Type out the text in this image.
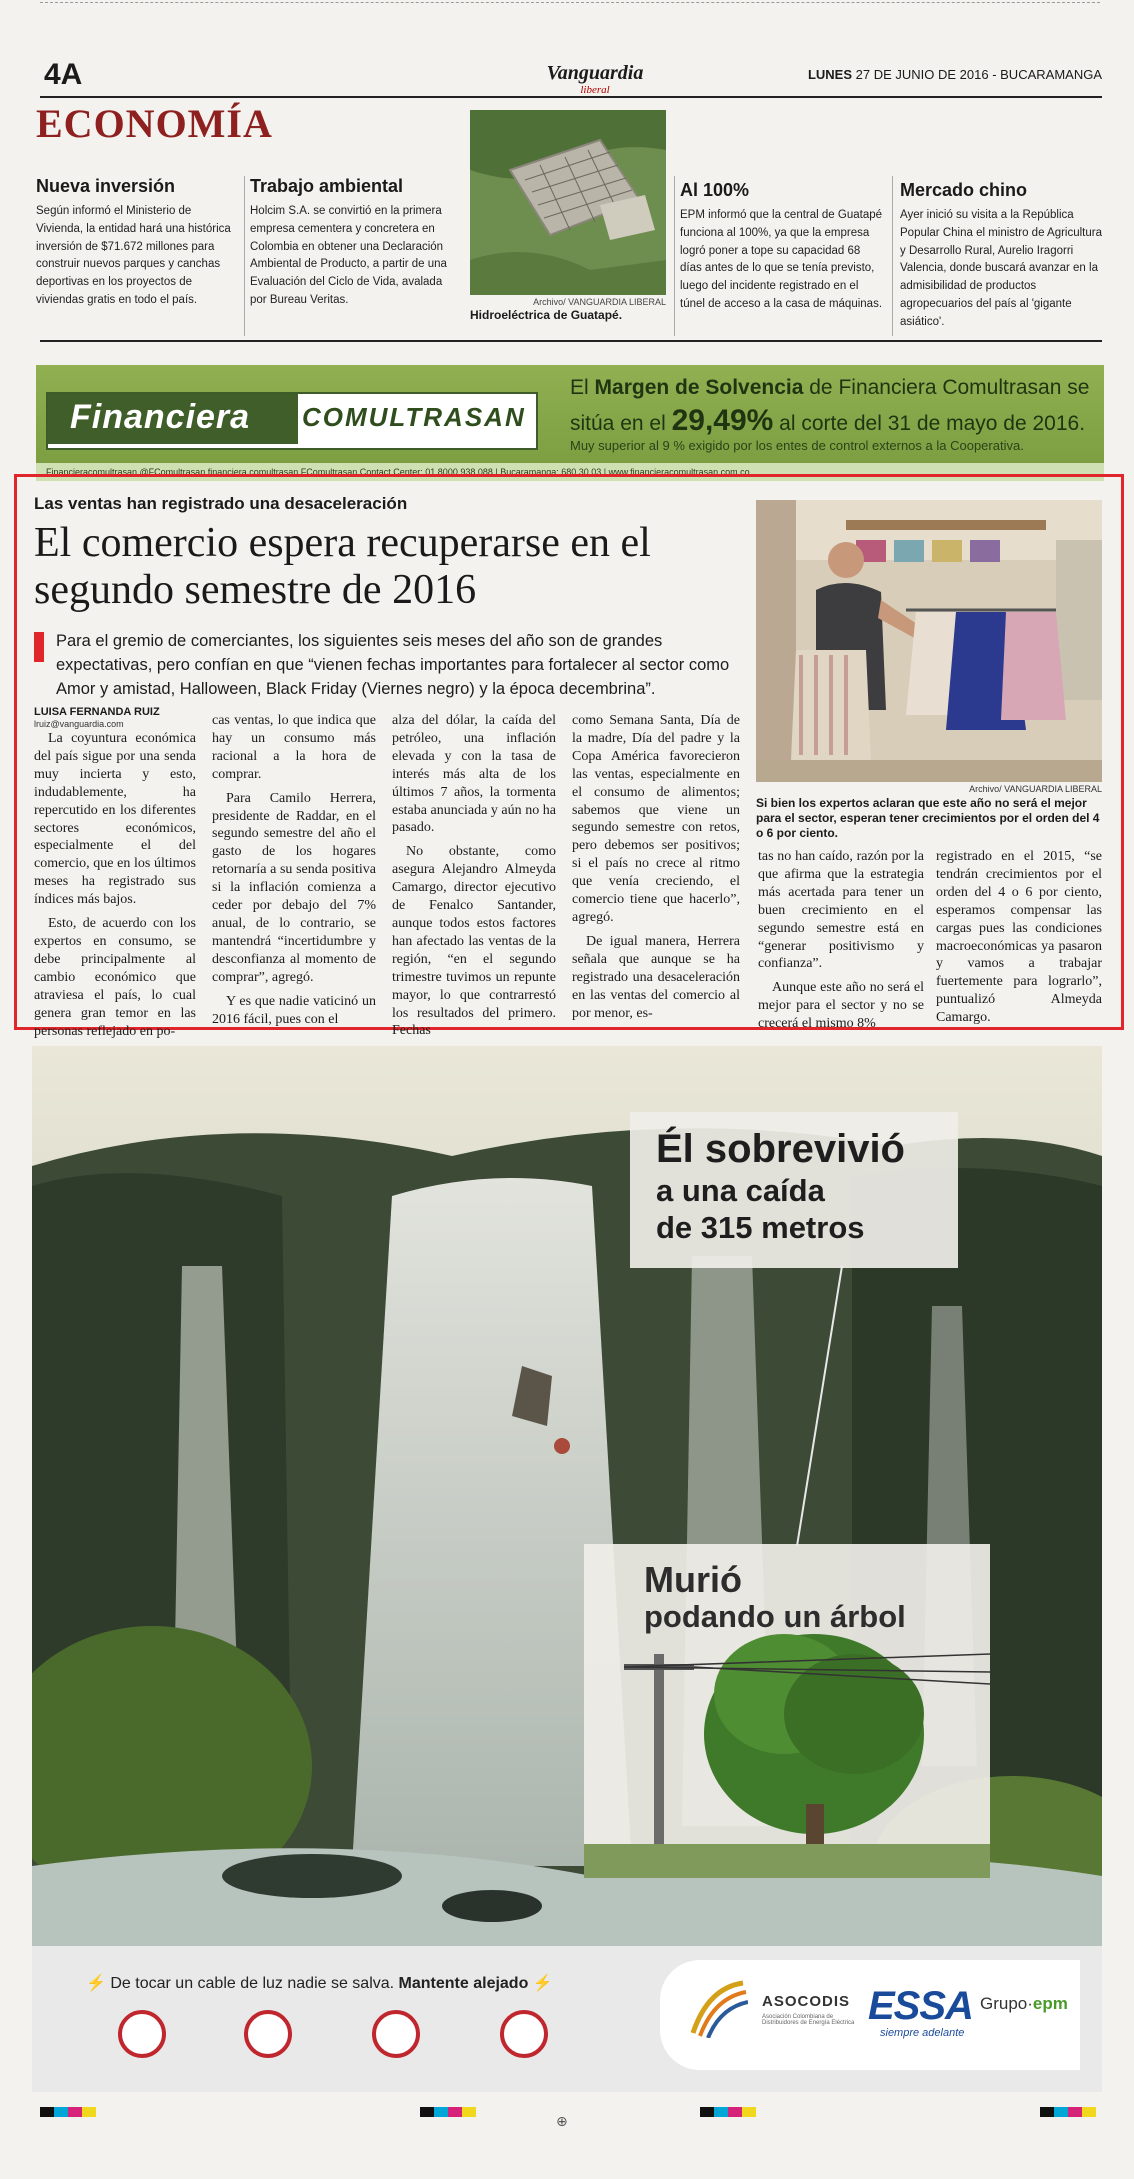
4A	Vanguardia
liberal
LUNES 27 DE JUNIO DE 2016 - BUCARAMANGA
ECONOMÍA
Nueva inversión

Según informó el Ministerio de Vivienda, la entidad hará una histórica inversión de $71.672 millones para construir nuevos parques y canchas deportivas en los proyectos de viviendas gratis en todo el país.

Trabajo ambiental

Holcim S.A. se convirtió en la primera empresa cementera y concretera en Colombia en obtener una Declaración Ambiental de Producto, a partir de una Evaluación del Ciclo de Vida, avalada por Bureau Veritas.	Archivo/ VANGUARDIA LIBERAL
Hidroeléctrica de Guatapé.
Al 100%

EPM informó que la central de Guatapé funciona al 100%, ya que la empresa logró poner a tope su capacidad 68 días antes de lo que se tenía previsto, luego del incidente registrado en el túnel de acceso a la casa de máquinas.

Mercado chino

Ayer inició su visita a la República Popular China el ministro de Agricultura y Desarrollo Rural, Aurelio Iragorri Valencia, donde buscará avanzar en la admisibilidad de productos agropecuarios del país al 'gigante asiático'.

Financiera COMULTRASAN
El Margen de Solvencia de Financiera Comultrasan se sitúa en el 29,49% al corte del 31 de mayo de 2016.
Muy superior al 9 % exigido por los entes de control externos a la Cooperativa.
Financieracomultrasan @FComultrasan financiera.comultrasan FComultrasan Contact Center: 01 8000 938 088 | Bucaramanga: 680 30 03 | www.financieracomultrasan.com.co
Las ventas han registrado una desaceleración
El comercio espera recuperarse en el segundo semestre de 2016
Para el gremio de comerciantes, los siguientes seis meses del año son de grandes expectativas, pero confían en que “vienen fechas importantes para fortalecer al sector como Amor y amistad, Halloween, Black Friday (Viernes negro) y la época decembrina”.
LUISA FERNANDA RUIZ
lruiz@vanguardia.com

La coyuntura económica del país sigue por una senda muy incierta y esto, indudablemente, ha repercutido en los diferentes sectores económicos, especialmente el del comercio, que en los últimos meses ha registrado sus índices más bajos.

Esto, de acuerdo con los expertos en consumo, se debe principalmente al cambio económico que atraviesa el país, lo cual genera gran temor en las personas reflejado en po-

cas ventas, lo que indica que hay un consumo más racional a la hora de comprar.

Para Camilo Herrera, presidente de Raddar, en el segundo semestre del año el gasto de los hogares retornaría a su senda positiva si la inflación comienza a ceder por debajo del 7% anual, de lo contrario, se mantendrá “incertidumbre y desconfianza al momento de comprar”, agregó.

Y es que nadie vaticinó un 2016 fácil, pues con el

alza del dólar, la caída del petróleo, una inflación elevada y con la tasa de interés más alta de los últimos 7 años, la tormenta estaba anunciada y aún no ha pasado.

No obstante, como asegura Alejandro Almeyda Camargo, director ejecutivo de Fenalco Santander, aunque todos estos factores han afectado las ventas de la región, “en el segundo trimestre tuvimos un repunte mayor, lo que contrarrestó los resultados del primero. Fechas

como Semana Santa, Día de la madre, Día del padre y la Copa América favorecieron las ventas, especialmente en el consumo de alimentos; sabemos que viene un segundo semestre con retos, pero debemos ser positivos; si el país no crece al ritmo que venía creciendo, el comercio tiene que hacerlo”, agregó.

De igual manera, Herrera señala que aunque se ha registrado una desaceleración en las ventas del comercio al por menor, es-

Archivo/ VANGUARDIA LIBERAL
Si bien los expertos aclaran que este año no será el mejor para el sector, esperan tener crecimientos por el orden del 4 o 6 por ciento.

tas no han caído, razón por la que afirma que la estrategia más acertada para tener un buen crecimiento en el segundo semestre está en “generar positivismo y confianza”.

Aunque este año no será el mejor para el sector y no se crecerá el mismo 8%

registrado en el 2015, “se tendrán crecimientos por el orden del 4 o 6 por ciento, esperamos compensar las cargas pues las condiciones macroeconómicas ya pasaron y vamos a trabajar fuertemente para lograrlo”, puntualizó Almeyda Camargo.

Él sobrevivió
a una caída
de 315 metros
Murió
podando un árbol
⚡ De tocar un cable de luz nadie se salva. Mantente alejado ⚡
ASOCODIS
Asociación Colombiana de Distribuidores de Energía Eléctrica ESSA
siempre adelante
Grupo·epm
⊕
